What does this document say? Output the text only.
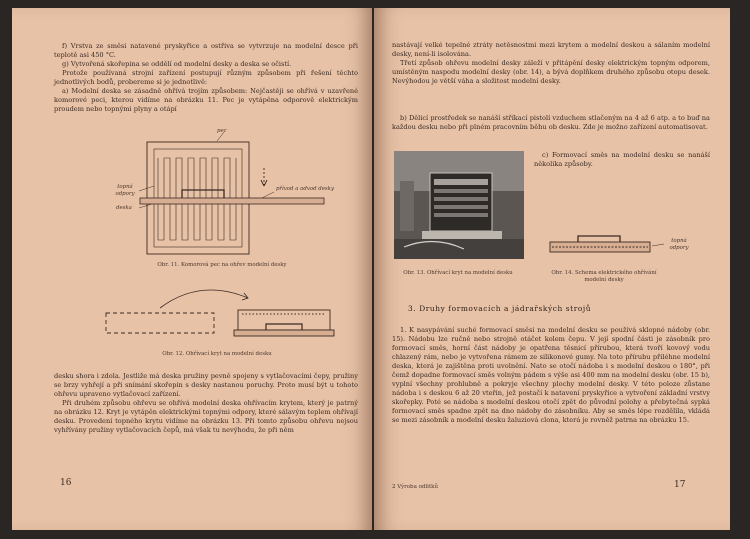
f) Vrstva ze směsi natavené pryskyřice a ostřiva se vytvrzuje na modelní desce při teplotě asi 450 °C.

g) Vytvořená skořepina se oddělí od modelní desky a deska se očistí.

Protože používaná strojní zařízení postupují různým způsobem při řešení těchto jednotlivých bodů, probereme si je jednotlivě:

a) Modelní deska se zásadně ohřívá trojím způsobem: Nejčastěji se ohřívá v uzavřené komorové peci, kterou vidíme na obrázku 11. Pec je vytápěna odporově elektrickým proudem nebo topnými plyny a otápí

pec
topná odpory
deska
přívod a odvod desky
Obr. 11. Komorová pec na ohřev modelní desky
Obr. 12. Ohřívací kryt na modelní desku

desku shora i zdola. Jestliže má deska pružiny pevně spojeny s vytlačovacími čepy, pružiny se brzy vyhřejí a při snímání skořepin s desky nastanou poruchy. Proto musí být u tohoto ohřevu upraveno vytlačovací zařízení.

Při druhém způsobu ohřevu se ohřívá modelní deska ohřívacím krytem, který je patrný na obrázku 12. Kryt je vytápěn elektrickými topnými odpory, které sálavým teplem ohřívají desku. Provedení topného krytu vidíme na obrázku 13. Při tomto způsobu ohřevu nejsou vyhřívány pružiny vytlačovacích čepů, má však tu nevýhodu, že při něm

16

nastávají velké tepelné ztráty netěsnostmi mezi krytem a modelní deskou a sálaním modelní desky, není-li isolována.

Třetí způsob ohřevu modelní desky záleží v přitápění desky elektrickým topným odporem, umístěným naspodu modelní desky (obr. 14), a bývá doplňkem druhého způsobu otopu desek. Nevýhodou je větší váha a složitost modelní desky.

b) Dělicí prostředek se nanáší stříkací pistolí vzduchem stlačeným na 4 až 6 atp. a to buď na každou desku nebo při plném pracovním běhu ob desku. Zde je možno zařízení automatisovat.

c) Formovací směs na modelní desku se nanáší několika způsoby.

topná odpory
Obr. 13. Ohřívací kryt na modelní desku	Obr. 14. Schema elektrického ohřívání modelní desky
3. Druhy formovacích a jádrařských strojů

1. K nasypávání suché formovací směsi na modelní desku se používá sklopné nádoby (obr. 15). Nádobu lze ručně nebo strojně otáčet kolem čepu. V její spodní části je zásobník pro formovací směs, horní část nádoby je opatřena těsnicí přírubou, která tvoří kovový vodu chlazený rám, nebo je vytvořena rámem ze silikonové gumy. Na toto přírubu přiléhne modelní deska, která je zajištěna proti uvolnění. Nato se otočí nádoba i s modelní deskou o 180°, při čemž dopadne formovací směs volným pádem s výše asi 400 mm na modelní desku (obr. 15 b), vyplní všechny prohlubně a pokryje všechny plochy modelní desky. V této poloze zůstane nádoba i s deskou 6 až 20 vteřin, jež postačí k natavení pryskyřice a vytvoření základní vrstvy skořepky. Poté se nádoba s modelní deskou otočí zpět do původní polohy a přebytečná sypká formovací směs spadne zpět na dno nádoby do zásobníku. Aby se směs lépe rozdělila, vkládá se mezi zásobník a modelní desku žaluziová clona, která je rovněž patrna na obrázku 15.

2 Výroba odlitků	17
